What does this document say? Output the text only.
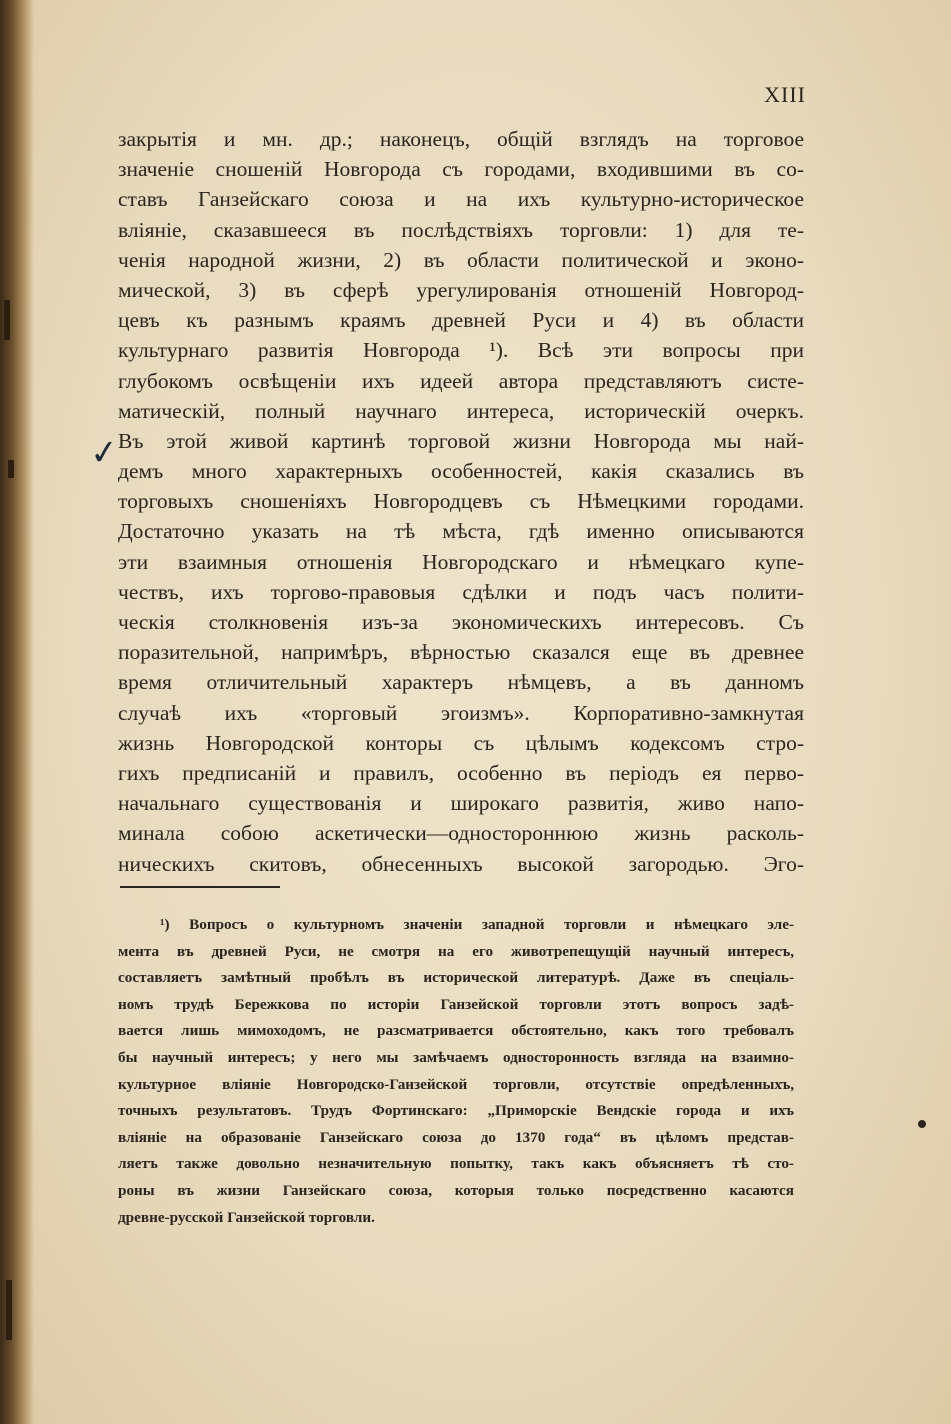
XIII
закрытія и мн. др.; наконецъ, общій взглядъ на торговое
значеніе сношеній Новгорода съ городами, входившими въ со-
ставъ Ганзейскаго союза и на ихъ культурно-историческое
вліяніе, сказавшееся въ послѣдствіяхъ торговли: 1) для те-
ченія народной жизни, 2) въ области политической и эконо-
мической, 3) въ сферѣ урегулированія отношеній Новгород-
цевъ къ разнымъ краямъ древней Руси и 4) въ области
культурнаго развитія Новгорода ¹). Всѣ эти вопросы при
глубокомъ освѣщеніи ихъ идеей автора представляютъ систе-
матическій, полный научнаго интереса, историческій очеркъ.
Въ этой живой картинѣ торговой жизни Новгорода мы най-
демъ много характерныхъ особенностей, какія сказались въ
торговыхъ сношеніяхъ Новгородцевъ съ Нѣмецкими городами.
Достаточно указать на тѣ мѣста, гдѣ именно описываются
эти взаимныя отношенія Новгородскаго и нѣмецкаго купе-
чествъ, ихъ торгово-правовыя сдѣлки и подъ часъ полити-
ческія столкновенія изъ-за экономическихъ интересовъ. Съ
поразительной, напримѣръ, вѣрностью сказался еще въ древнее
время отличительный характеръ нѣмцевъ, а въ данномъ
случаѣ ихъ «торговый эгоизмъ». Корпоративно-замкнутая
жизнь Новгородской конторы съ цѣлымъ кодексомъ стро-
гихъ предписаній и правилъ, особенно въ періодъ ея перво-
начальнаго существованія и широкаго развитія, живо напо-
минала собою аскетически—одностороннюю жизнь расколь-
ническихъ скитовъ, обнесенныхъ высокой загородью. Эго-
✓
¹) Вопросъ о культурномъ значеніи западной торговли и нѣмецкаго эле-
мента въ древней Руси, не смотря на его животрепещущій научный интересъ,
составляетъ замѣтный пробѣлъ въ исторической литературѣ. Даже въ спеціаль-
номъ трудѣ Бережкова по исторіи Ганзейской торговли этотъ вопросъ задѣ-
вается лишь мимоходомъ, не разсматривается обстоятельно, какъ того требовалъ
бы научный интересъ; у него мы замѣчаемъ односторонность взгляда на взаимно-
культурное вліяніе Новгородско-Ганзейской торговли, отсутствіе опредѣленныхъ,
точныхъ результатовъ. Трудъ Фортинскаго: „Приморскіе Вендскіе города и ихъ
вліяніе на образованіе Ганзейскаго союза до 1370 года“ въ цѣломъ представ-
ляетъ также довольно незначительную попытку, такъ какъ объясняетъ тѣ сто-
роны въ жизни Ганзейскаго союза, которыя только посредственно касаются
древне-русской Ганзейской торговли.
